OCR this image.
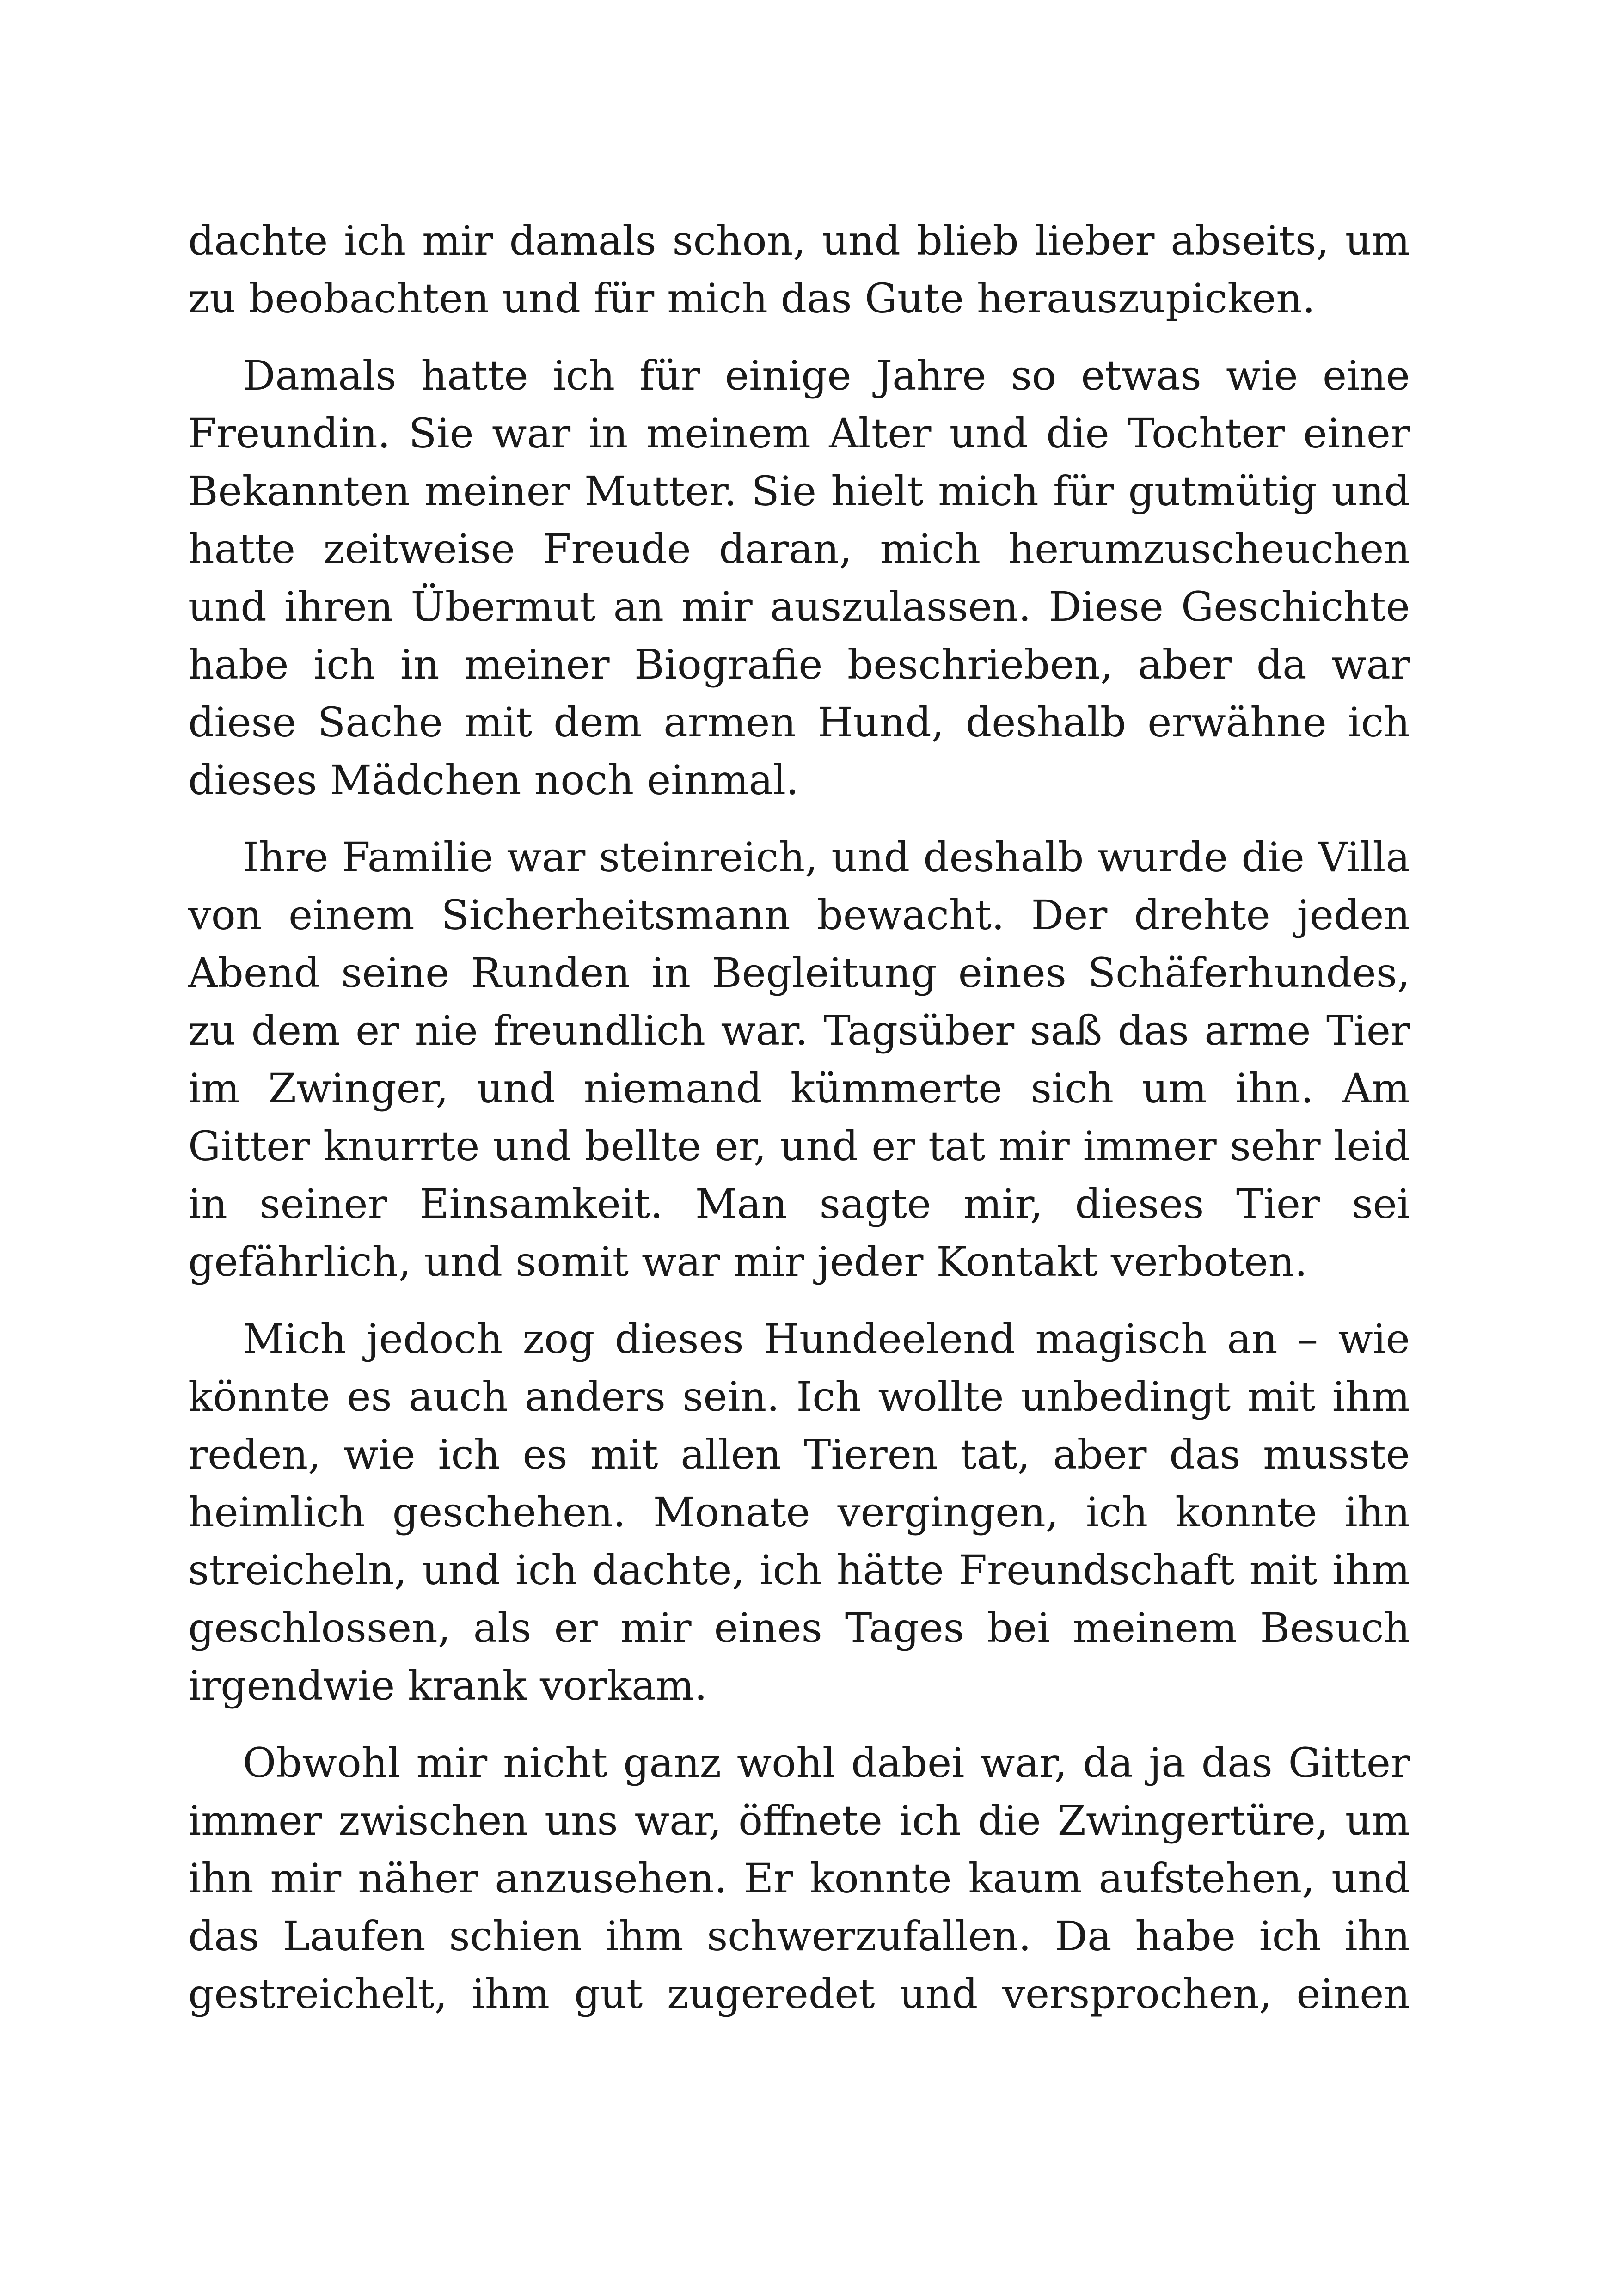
dachte ich mir damals schon, und blieb lieber abseits, um zu beobachten und für mich das Gute herauszupicken.

Damals hatte ich für einige Jahre so etwas wie eine Freundin. Sie war in meinem Alter und die Tochter einer Bekannten meiner Mutter. Sie hielt mich für gutmütig und hatte zeitweise Freude daran, mich herumzuscheuchen und ihren Übermut an mir auszulassen. Diese Geschichte habe ich in meiner Biografie beschrieben, aber da war diese Sache mit dem armen Hund, deshalb erwähne ich dieses Mädchen noch einmal.

Ihre Familie war steinreich, und deshalb wurde die Villa von einem Sicherheitsmann bewacht. Der drehte jeden Abend seine Runden in Begleitung eines Schäferhundes, zu dem er nie freundlich war. Tagsüber saß das arme Tier im Zwinger, und niemand kümmerte sich um ihn. Am Gitter knurrte und bellte er, und er tat mir immer sehr leid in seiner Einsamkeit. Man sagte mir, dieses Tier sei gefährlich, und somit war mir jeder Kontakt verboten.

Mich jedoch zog dieses Hundeelend magisch an – wie könnte es auch anders sein. Ich wollte unbedingt mit ihm reden, wie ich es mit allen Tieren tat, aber das musste heimlich geschehen. Monate vergingen, ich konnte ihn streicheln, und ich dachte, ich hätte Freundschaft mit ihm geschlossen, als er mir eines Tages bei meinem Besuch irgendwie krank vorkam.

Obwohl mir nicht ganz wohl dabei war, da ja das Gitter immer zwischen uns war, öffnete ich die Zwingertüre, um ihn mir näher anzusehen. Er konnte kaum aufstehen, und das Laufen schien ihm schwerzufallen. Da habe ich ihn gestreichelt, ihm gut zugeredet und versprochen, einen
